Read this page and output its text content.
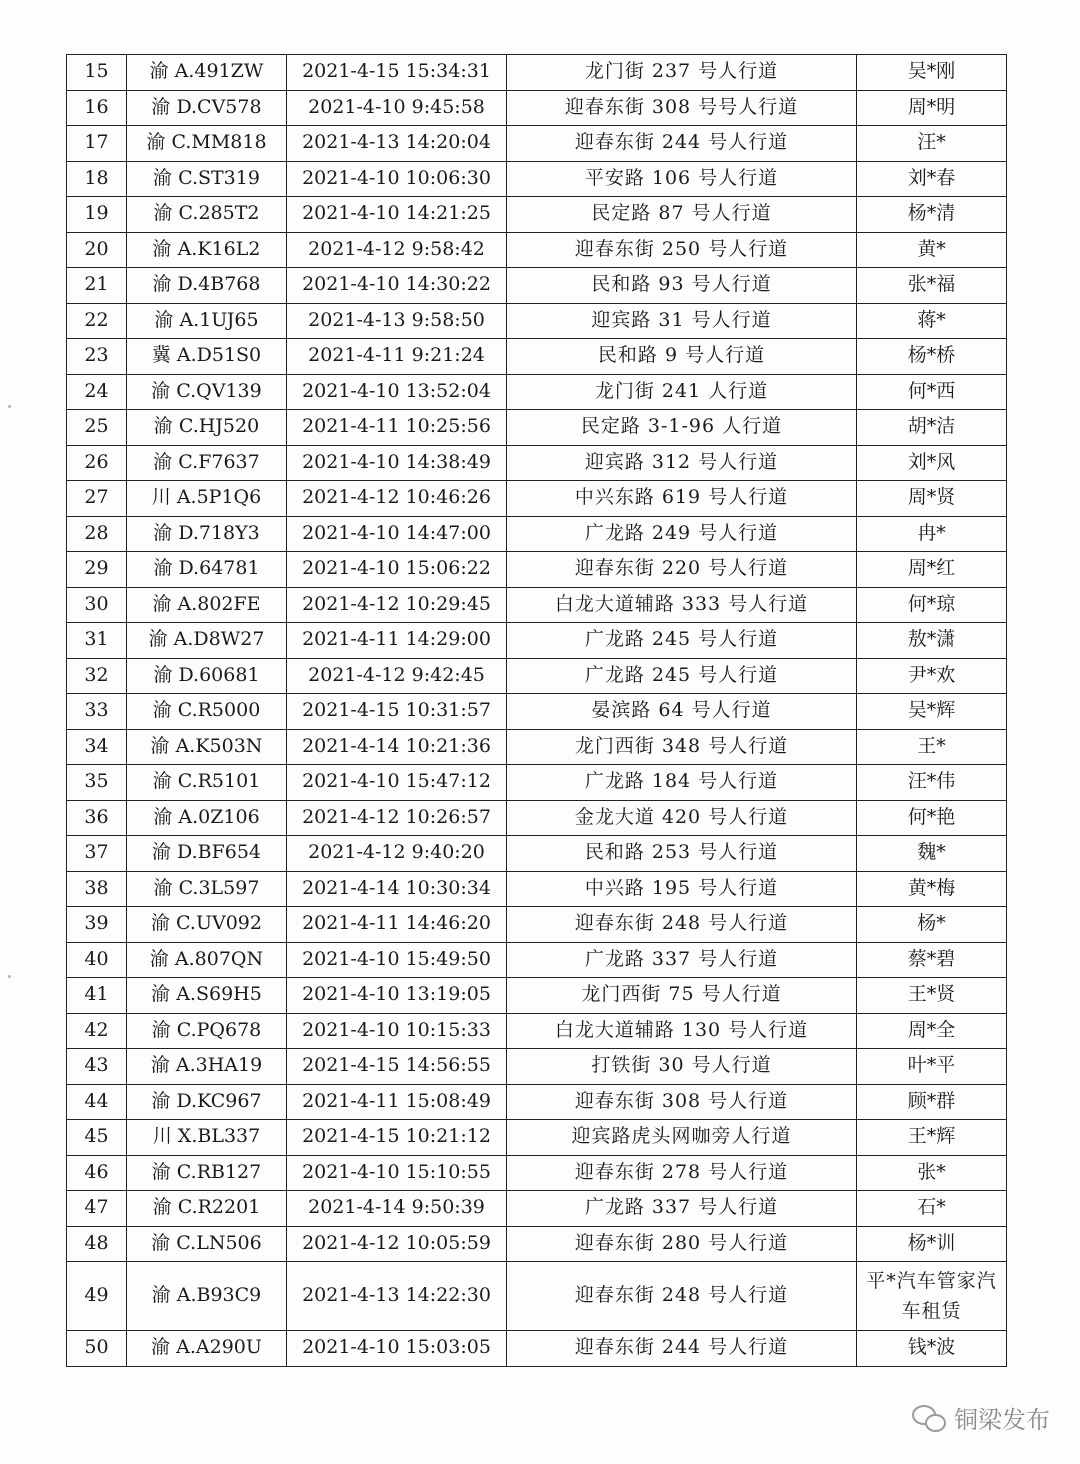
15	渝 A.491ZW	2021-4-15 15:34:31	龙门街 237 号人行道	吴*刚
16	渝 D.CV578	2021-4-10 9:45:58	迎春东街 308 号号人行道	周*明
17	渝 C.MM818	2021-4-13 14:20:04	迎春东街 244 号人行道	汪*
18	渝 C.ST319	2021-4-10 10:06:30	平安路 106 号人行道	刘*春
19	渝 C.285T2	2021-4-10 14:21:25	民定路 87 号人行道	杨*清
20	渝 A.K16L2	2021-4-12 9:58:42	迎春东街 250 号人行道	黄*
21	渝 D.4B768	2021-4-10 14:30:22	民和路 93 号人行道	张*福
22	渝 A.1UJ65	2021-4-13 9:58:50	迎宾路 31 号人行道	蒋*
23	冀 A.D51S0	2021-4-11 9:21:24	民和路 9 号人行道	杨*桥
24	渝 C.QV139	2021-4-10 13:52:04	龙门街 241 人行道	何*西
25	渝 C.HJ520	2021-4-11 10:25:56	民定路 3-1-96 人行道	胡*洁
26	渝 C.F7637	2021-4-10 14:38:49	迎宾路 312 号人行道	刘*风
27	川 A.5P1Q6	2021-4-12 10:46:26	中兴东路 619 号人行道	周*贤
28	渝 D.718Y3	2021-4-10 14:47:00	广龙路 249 号人行道	冉*
29	渝 D.64781	2021-4-10 15:06:22	迎春东街 220 号人行道	周*红
30	渝 A.802FE	2021-4-12 10:29:45	白龙大道辅路 333 号人行道	何*琼
31	渝 A.D8W27	2021-4-11 14:29:00	广龙路 245 号人行道	敖*潇
32	渝 D.60681	2021-4-12 9:42:45	广龙路 245 号人行道	尹*欢
33	渝 C.R5000	2021-4-15 10:31:57	晏滨路 64 号人行道	吴*辉
34	渝 A.K503N	2021-4-14 10:21:36	龙门西街 348 号人行道	王*
35	渝 C.R5101	2021-4-10 15:47:12	广龙路 184 号人行道	汪*伟
36	渝 A.0Z106	2021-4-12 10:26:57	金龙大道 420 号人行道	何*艳
37	渝 D.BF654	2021-4-12 9:40:20	民和路 253 号人行道	魏*
38	渝 C.3L597	2021-4-14 10:30:34	中兴路 195 号人行道	黄*梅
39	渝 C.UV092	2021-4-11 14:46:20	迎春东街 248 号人行道	杨*
40	渝 A.807QN	2021-4-10 15:49:50	广龙路 337 号人行道	蔡*碧
41	渝 A.S69H5	2021-4-10 13:19:05	龙门西街 75 号人行道	王*贤
42	渝 C.PQ678	2021-4-10 10:15:33	白龙大道辅路 130 号人行道	周*全
43	渝 A.3HA19	2021-4-15 14:56:55	打铁街 30 号人行道	叶*平
44	渝 D.KC967	2021-4-11 15:08:49	迎春东街 308 号人行道	顾*群
45	川 X.BL337	2021-4-15 10:21:12	迎宾路虎头网咖旁人行道	王*辉
46	渝 C.RB127	2021-4-10 15:10:55	迎春东街 278 号人行道	张*
47	渝 C.R2201	2021-4-14 9:50:39	广龙路 337 号人行道	石*
48	渝 C.LN506	2021-4-12 10:05:59	迎春东街 280 号人行道	杨*训
49	渝 A.B93C9	2021-4-13 14:22:30	迎春东街 248 号人行道	平*汽车管家汽车租赁
50	渝 A.A290U	2021-4-10 15:03:05	迎春东街 244 号人行道	钱*波
铜梁发布
